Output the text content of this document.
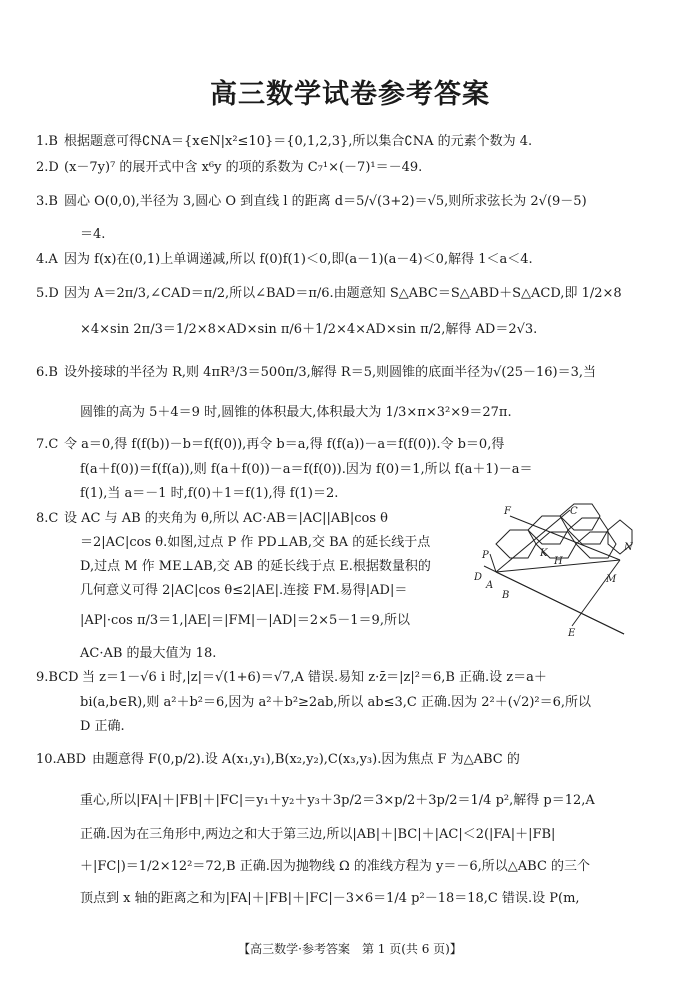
高三数学试卷参考答案
1.B 根据题意可得∁NA＝{x∈N|x²≤10}＝{0,1,2,3},所以集合∁NA 的元素个数为 4.
2.D (x－7y)⁷ 的展开式中含 x⁶y 的项的系数为 C₇¹×(－7)¹＝－49.
3.B 圆心 O(0,0),半径为 3,圆心 O 到直线 l 的距离 d＝5/√(3+2)＝√5,则所求弦长为 2√(9－5)
＝4.
4.A 因为 f(x)在(0,1)上单调递减,所以 f(0)f(1)＜0,即(a－1)(a－4)＜0,解得 1＜a＜4.
5.D 因为 A＝2π/3,∠CAD＝π/2,所以∠BAD＝π/6.由题意知 S△ABC＝S△ABD＋S△ACD,即 1/2×8
×4×sin 2π/3＝1/2×8×AD×sin π/6＋1/2×4×AD×sin π/2,解得 AD＝2√3.
6.B 设外接球的半径为 R,则 4πR³/3＝500π/3,解得 R＝5,则圆锥的底面半径为√(25－16)＝3,当
圆锥的高为 5＋4＝9 时,圆锥的体积最大,体积最大为 1/3×π×3²×9＝27π.
7.C 令 a＝0,得 f(f(b))－b＝f(f(0)),再令 b＝a,得 f(f(a))－a＝f(f(0)).令 b＝0,得
f(a＋f(0))＝f(f(a)),则 f(a＋f(0))－a＝f(f(0)).因为 f(0)＝1,所以 f(a＋1)－a＝
f(1),当 a＝－1 时,f(0)＋1＝f(1),得 f(1)＝2.
8.C 设 AC 与 AB 的夹角为 θ,所以 AC·AB＝|AC||AB|cos θ
＝2|AC|cos θ.如图,过点 P 作 PD⊥AB,交 BA 的延长线于点
D,过点 M 作 ME⊥AB,交 AB 的延长线于点 E.根据数量积的
几何意义可得 2|AC|cos θ≤2|AE|.连接 FM.易得|AD|＝
|AP|·cos π/3＝1,|AE|＝|FM|－|AD|＝2×5－1＝9,所以
AC·AB 的最大值为 18.
F	C
P	K
H
N
D
A
M
B
E
9.BCD 当 z＝1－√6 i 时,|z|＝√(1+6)＝√7,A 错误.易知 z·z̄＝|z|²＝6,B 正确.设 z＝a＋
bi(a,b∈R),则 a²＋b²＝6,因为 a²＋b²≥2ab,所以 ab≤3,C 正确.因为 2²＋(√2)²＝6,所以
D 正确.
10.ABD 由题意得 F(0,p/2).设 A(x₁,y₁),B(x₂,y₂),C(x₃,y₃).因为焦点 F 为△ABC 的
重心,所以|FA|＋|FB|＋|FC|＝y₁＋y₂＋y₃＋3p/2＝3×p/2＋3p/2＝1/4 p²,解得 p＝12,A
正确.因为在三角形中,两边之和大于第三边,所以|AB|＋|BC|＋|AC|＜2(|FA|＋|FB|
＋|FC|)＝1/2×12²＝72,B 正确.因为抛物线 Ω 的准线方程为 y＝－6,所以△ABC 的三个
顶点到 x 轴的距离之和为|FA|＋|FB|＋|FC|－3×6＝1/4 p²－18＝18,C 错误.设 P(m,
【高三数学·参考答案　第 1 页(共 6 页)】
